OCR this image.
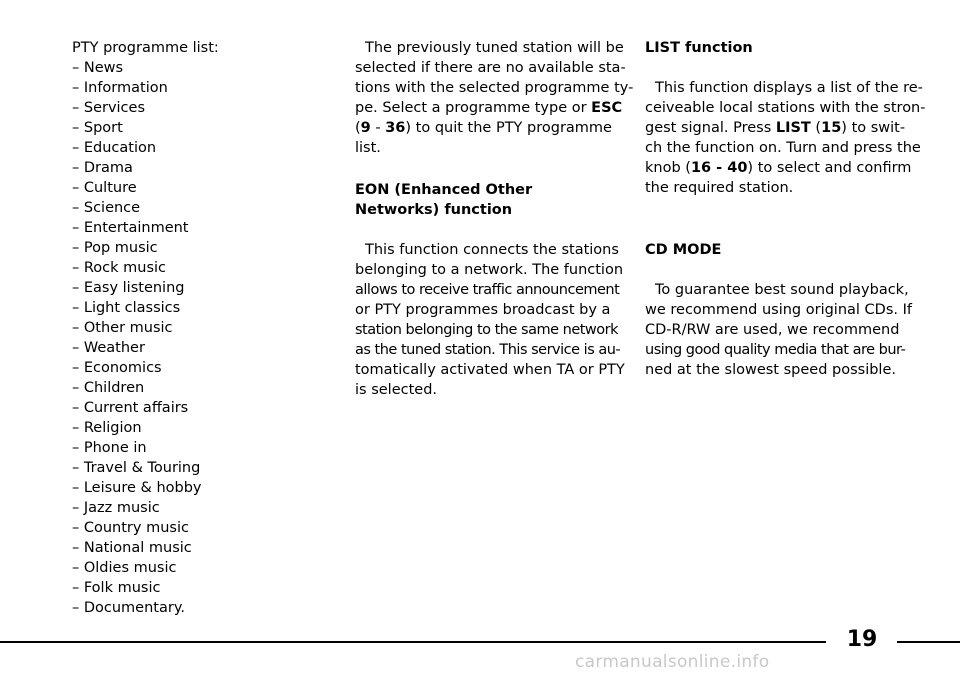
PTY programme list:

– News
– Information
– Services
– Sport
– Education
– Drama
– Culture
– Science
– Entertainment
– Pop music
– Rock music
– Easy listening
– Light classics
– Other music
– Weather
– Economics
– Children
– Current affairs
– Religion
– Phone in
– Travel & Touring
– Leisure & hobby
– Jazz music
– Country music
– National music
– Oldies music
– Folk music
– Documentary.
The previously tuned station will be
selected if there are no available sta-
tions with the selected programme ty-
pe. Select a programme type or ESC
(9 - 36) to quit the PTY programme
list.

EON (Enhanced Other

Networks) function

This function connects the stations
belonging to a network. The function
allows to receive traffic announcement
or PTY programmes broadcast by a
station belonging to the same network
as the tuned station. This service is au-
tomatically activated when TA or PTY
is selected.

LIST function

This function displays a list of the re-
ceiveable local stations with the stron-
gest signal. Press LIST (15) to swit-
ch the function on. Turn and press the
knob (16 - 40) to select and confirm
the required station.

CD MODE

To guarantee best sound playback,
we recommend using original CDs. If
CD-R/RW are used, we recommend
using good quality media that are bur-
ned at the slowest speed possible.
19
carmanualsonline.info
